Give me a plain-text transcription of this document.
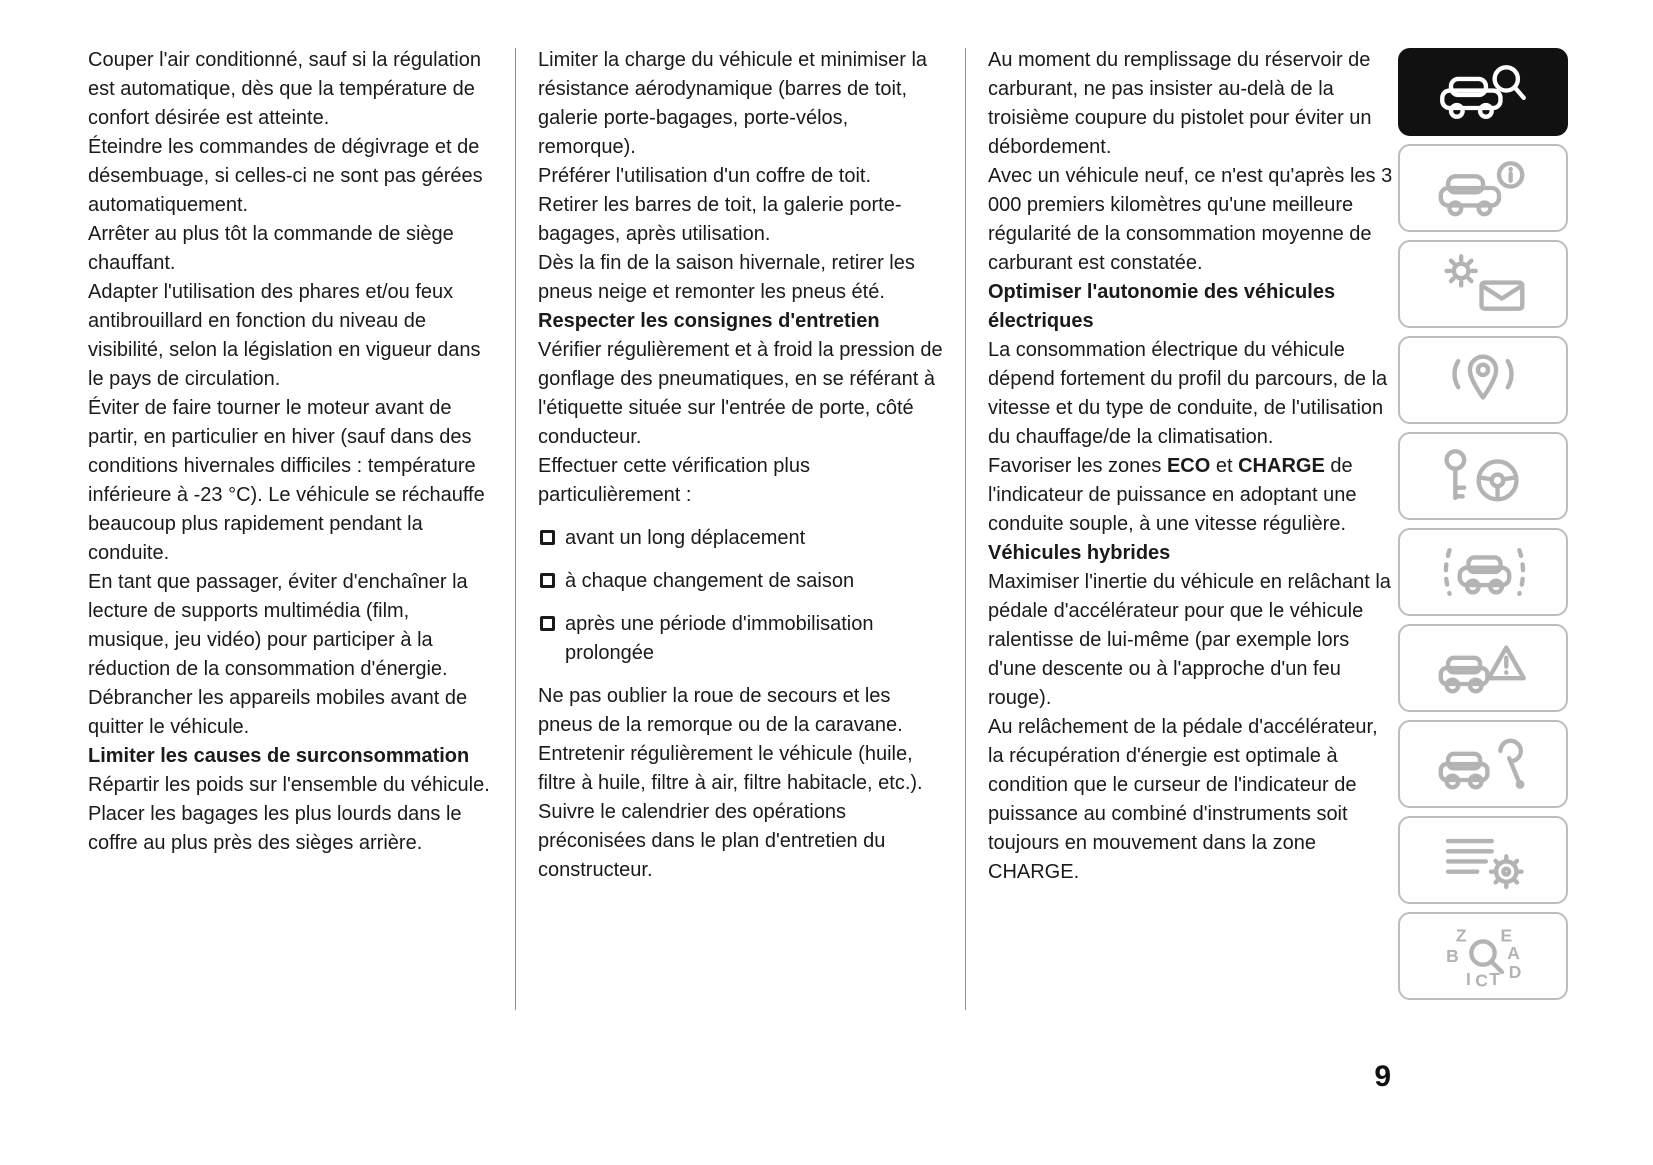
Couper l'air conditionné, sauf si la régulation est automatique, dès que la température de confort désirée est atteinte.

Éteindre les commandes de dégivrage et de désembuage, si celles-ci ne sont pas gérées automatiquement.

Arrêter au plus tôt la commande de siège chauffant.

Adapter l'utilisation des phares et/ou feux antibrouillard en fonction du niveau de visibilité, selon la législation en vigueur dans le pays de circulation.

Éviter de faire tourner le moteur avant de partir, en particulier en hiver (sauf dans des conditions hivernales difficiles : température inférieure à -23 °C). Le véhicule se réchauffe beaucoup plus rapidement pendant la conduite.

En tant que passager, éviter d'enchaîner la lecture de supports multimédia (film, musique, jeu vidéo) pour participer à la réduction de la consommation d'énergie.

Débrancher les appareils mobiles avant de quitter le véhicule.

Limiter les causes de surconsommation

Répartir les poids sur l'ensemble du véhicule. Placer les bagages les plus lourds dans le coffre au plus près des sièges arrière.

Limiter la charge du véhicule et minimiser la résistance aérodynamique (barres de toit, galerie porte-bagages, porte-vélos, remorque).

Préférer l'utilisation d'un coffre de toit.

Retirer les barres de toit, la galerie porte-bagages, après utilisation.

Dès la fin de la saison hivernale, retirer les pneus neige et remonter les pneus été.

Respecter les consignes d'entretien

Vérifier régulièrement et à froid la pression de gonflage des pneumatiques, en se référant à l'étiquette située sur l'entrée de porte, côté conducteur.

Effectuer cette vérification plus particulièrement :

avant un long déplacement
à chaque changement de saison
après une période d'immobilisation prolongée

Ne pas oublier la roue de secours et les pneus de la remorque ou de la caravane.

Entretenir régulièrement le véhicule (huile, filtre à huile, filtre à air, filtre habitacle, etc.). Suivre le calendrier des opérations préconisées dans le plan d'entretien du constructeur.

Au moment du remplissage du réservoir de carburant, ne pas insister au-delà de la troisième coupure du pistolet pour éviter un débordement.

Avec un véhicule neuf, ce n'est qu'après les 3 000 premiers kilomètres qu'une meilleure régularité de la consommation moyenne de carburant est constatée.

Optimiser l'autonomie des véhicules électriques

La consommation électrique du véhicule dépend fortement du profil du parcours, de la vitesse et du type de conduite, de l'utilisation du chauffage/de la climatisation.

Favoriser les zones ECO et CHARGE de l'indicateur de puissance en adoptant une conduite souple, à une vitesse régulière.

Véhicules hybrides

Maximiser l'inertie du véhicule en relâchant la pédale d'accélérateur pour que le véhicule ralentisse de lui-même (par exemple lors d'une descente ou à l'approche d'un feu rouge).

Au relâchement de la pédale d'accélérateur, la récupération d'énergie est optimale à condition que le curseur de l'indicateur de puissance au combiné d'instruments soit toujours en mouvement dans la zone CHARGE.

Z
B
E
A
D
I C T
9
